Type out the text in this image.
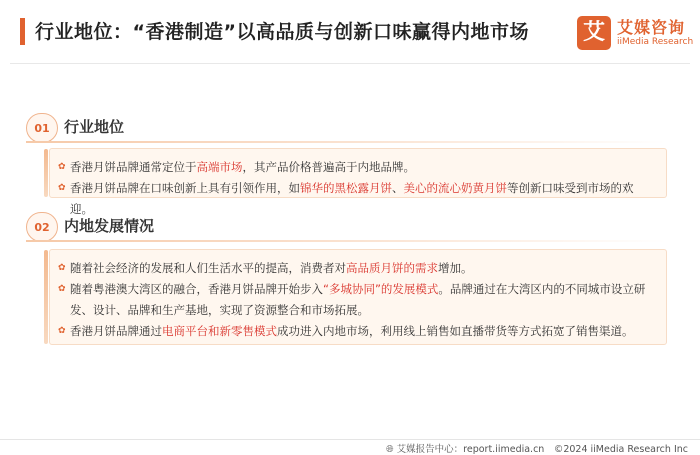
行业地位：“香港制造”以高品质与创新口味赢得内地市场 艾 艾媒咨询
iiMedia Research
01 行业地位
✿ 香港月饼品牌通常定位于高端市场，其产品价格普遍高于内地品牌。
✿ 香港月饼品牌在口味创新上具有引领作用，如锦华的黑松露月饼、美心的流心奶黄月饼等创新口味受到市场的欢迎。
02 内地发展情况
✿ 随着社会经济的发展和人们生活水平的提高，消费者对高品质月饼的需求增加。
✿ 随着粤港澳大湾区的融合，香港月饼品牌开始步入“多城协同”的发展模式。品牌通过在大湾区内的不同城市设立研发、设计、品牌和生产基地，实现了资源整合和市场拓展。
✿ 香港月饼品牌通过电商平台和新零售模式成功进入内地市场，利用线上销售如直播带货等方式拓宽了销售渠道。
🌐︎ 艾媒报告中心：report.iimedia.cn　©2024 iiMedia Research Inc
